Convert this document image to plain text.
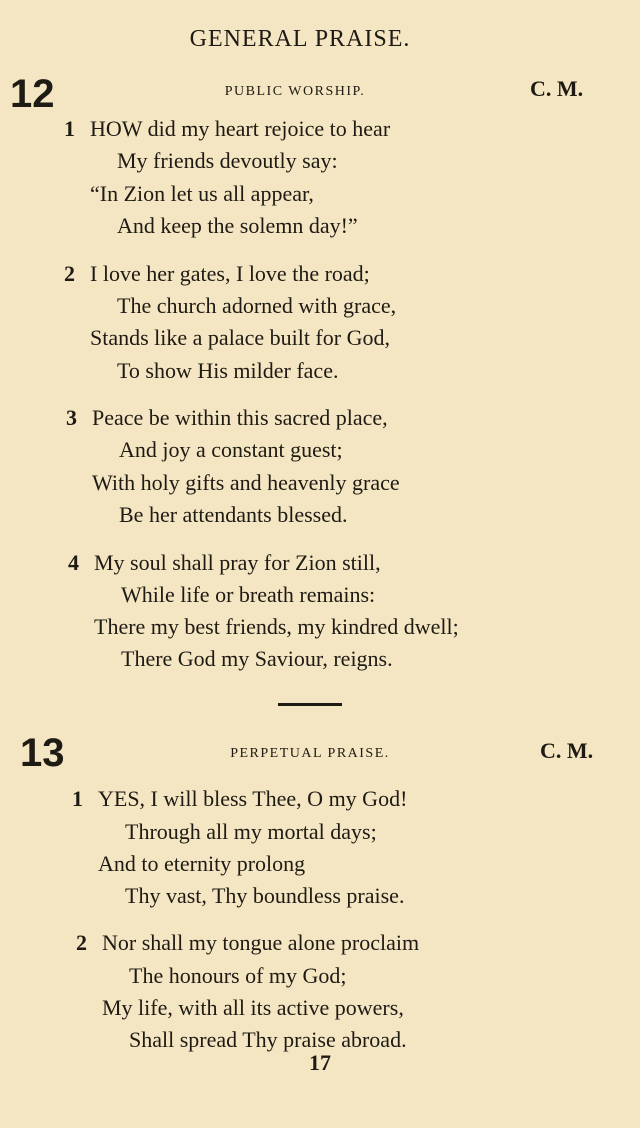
GENERAL PRAISE.
12	PUBLIC WORSHIP.	C. M.
1 HOW did my heart rejoice to hear
My friends devoutly say:
“In Zion let us all appear,
And keep the solemn day!”
2 I love her gates, I love the road;
The church adorned with grace,
Stands like a palace built for God,
To show His milder face.
3 Peace be within this sacred place,
And joy a constant guest;
With holy gifts and heavenly grace
Be her attendants blessed.
4 My soul shall pray for Zion still,
While life or breath remains:
There my best friends, my kindred dwell;
There God my Saviour, reigns.
13	PERPETUAL PRAISE.	C. M.
1 YES, I will bless Thee, O my God!
Through all my mortal days;
And to eternity prolong
Thy vast, Thy boundless praise.
2 Nor shall my tongue alone proclaim
The honours of my God;
My life, with all its active powers,
Shall spread Thy praise abroad.
17
